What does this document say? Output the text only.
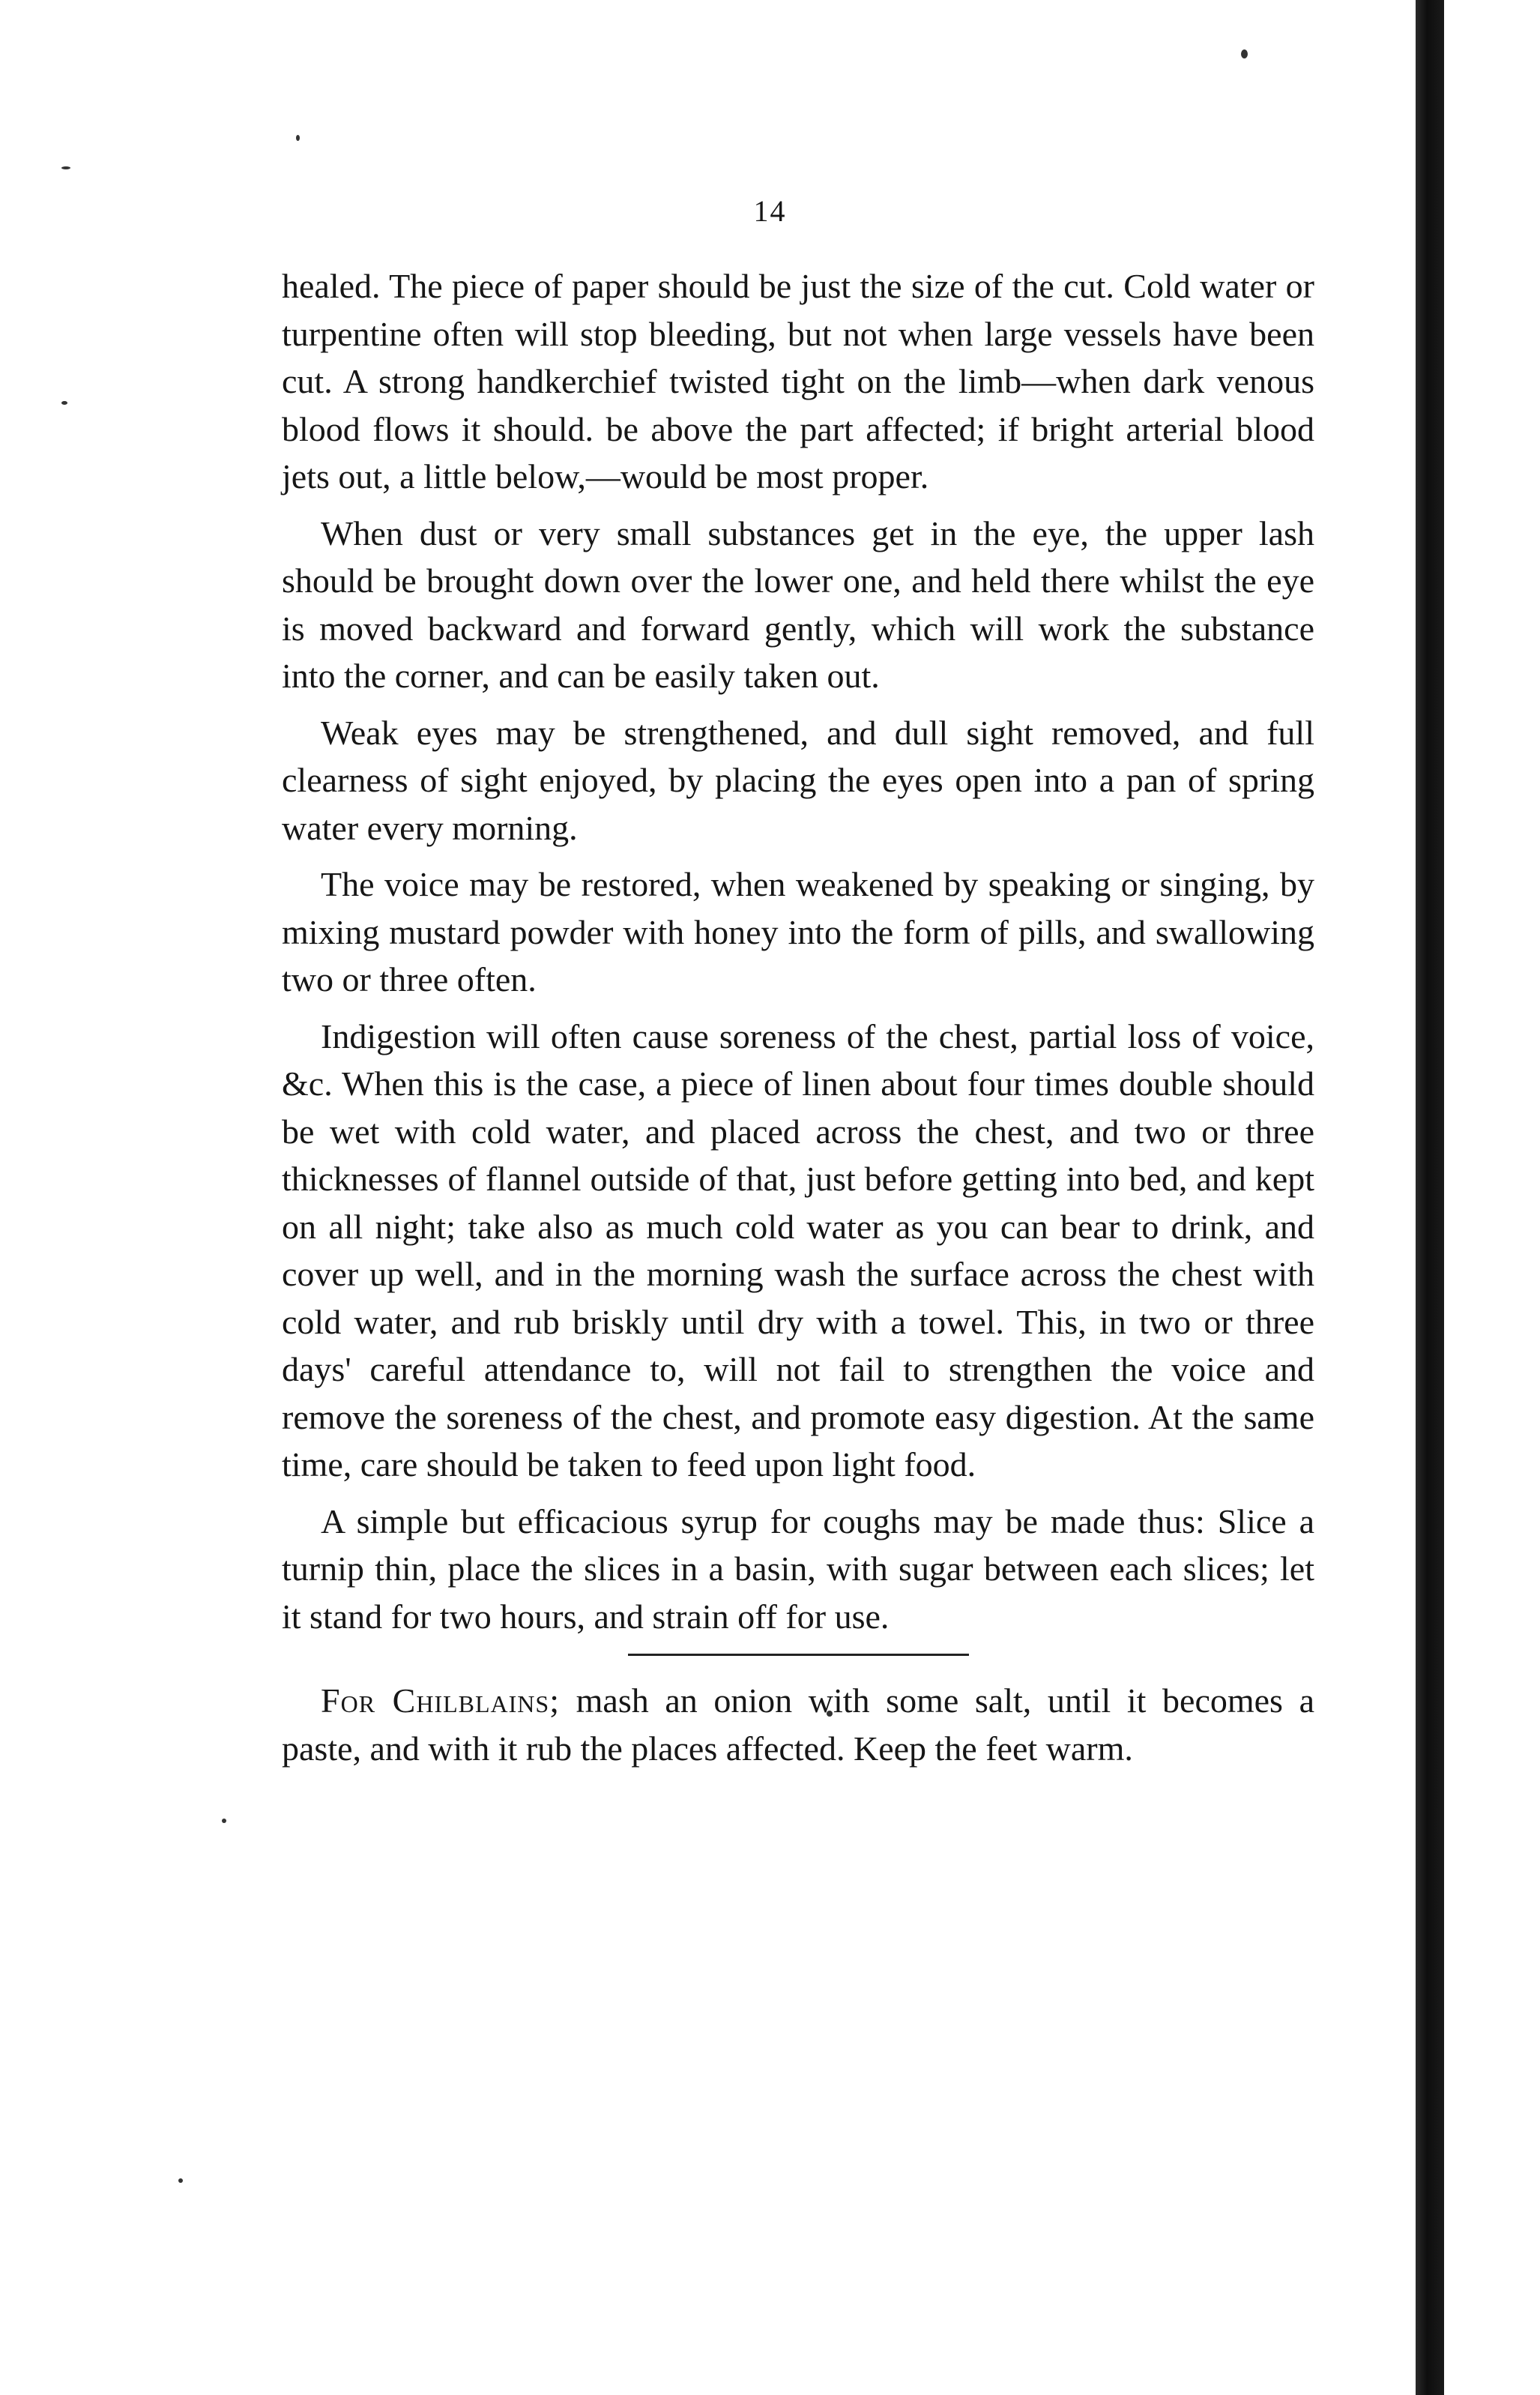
14

healed. The piece of paper should be just the size of the cut. Cold water or turpentine often will stop bleeding, but not when large vessels have been cut. A strong handkerchief twisted tight on the limb—when dark venous blood flows it should. be above the part affected; if bright arterial blood jets out, a little below,—would be most proper.

When dust or very small substances get in the eye, the upper lash should be brought down over the lower one, and held there whilst the eye is moved backward and forward gently, which will work the substance into the corner, and can be easily taken out.

Weak eyes may be strengthened, and dull sight removed, and full clearness of sight enjoyed, by placing the eyes open into a pan of spring water every morning.

The voice may be restored, when weakened by speaking or singing, by mixing mustard powder with honey into the form of pills, and swallowing two or three often.

Indigestion will often cause soreness of the chest, partial loss of voice, &c. When this is the case, a piece of linen about four times double should be wet with cold water, and placed across the chest, and two or three thicknesses of flannel outside of that, just before getting into bed, and kept on all night; take also as much cold water as you can bear to drink, and cover up well, and in the morning wash the surface across the chest with cold water, and rub briskly until dry with a towel. This, in two or three days' careful attendance to, will not fail to strengthen the voice and remove the soreness of the chest, and promote easy digestion. At the same time, care should be taken to feed upon light food.

A simple but efficacious syrup for coughs may be made thus: Slice a turnip thin, place the slices in a basin, with sugar between each slices; let it stand for two hours, and strain off for use.

For Chilblains; mash an onion with some salt, until it becomes a paste, and with it rub the places affected. Keep the feet warm.
